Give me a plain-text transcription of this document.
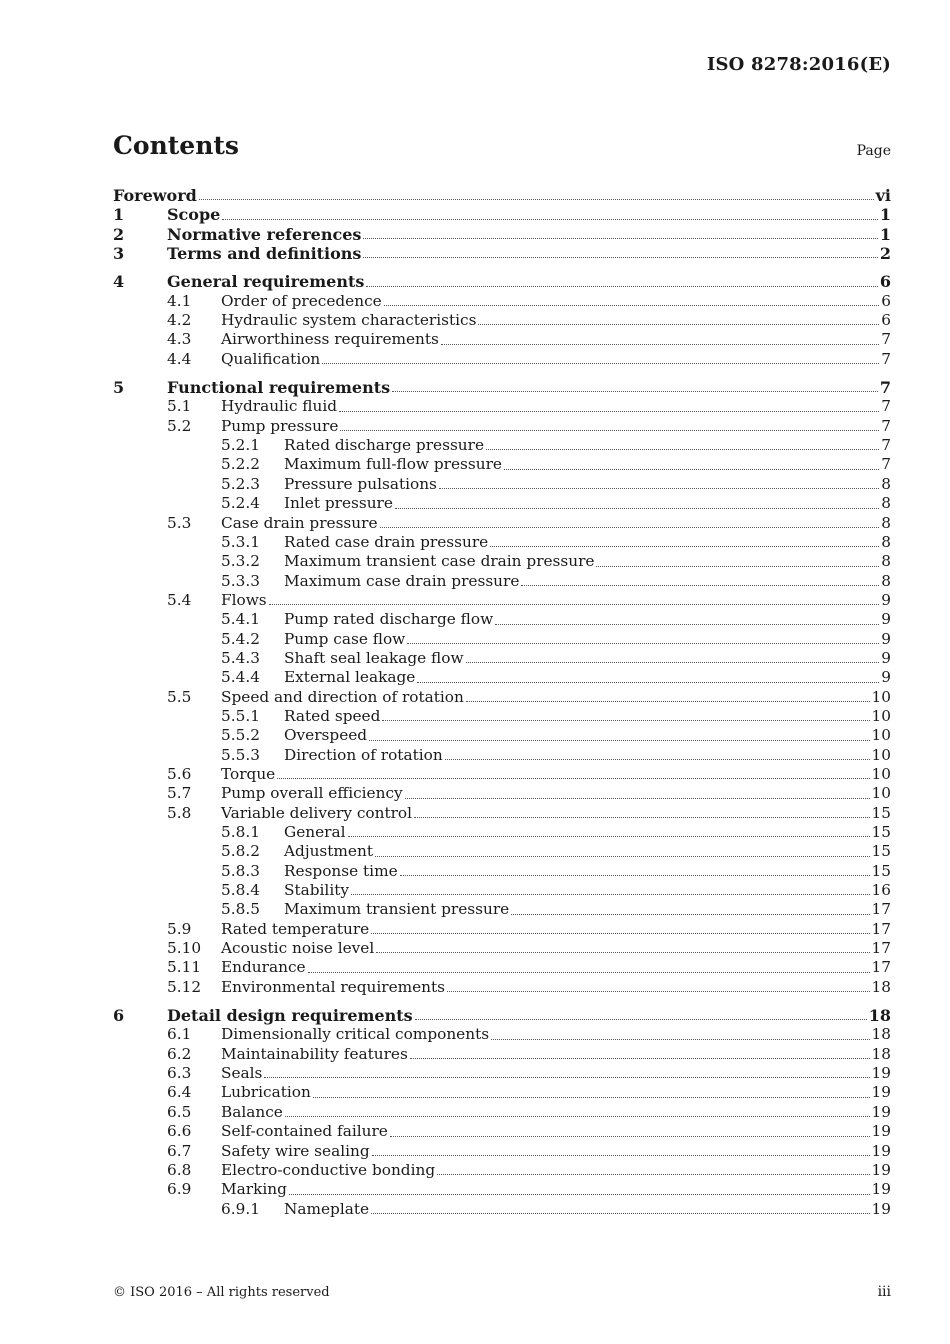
ISO 8278:2016(E)
Contents	Page
Foreword	vi
1	Scope	1
2	Normative references	1
3	Terms and definitions	2
4	General requirements	6
4.1	Order of precedence	6
4.2	Hydraulic system characteristics	6
4.3	Airworthiness requirements	7
4.4	Qualification	7
5	Functional requirements	7
5.1	Hydraulic fluid	7
5.2	Pump pressure	7
5.2.1	Rated discharge pressure	7
5.2.2	Maximum full-flow pressure	7
5.2.3	Pressure pulsations	8
5.2.4	Inlet pressure	8
5.3	Case drain pressure	8
5.3.1	Rated case drain pressure	8
5.3.2	Maximum transient case drain pressure	8
5.3.3	Maximum case drain pressure	8
5.4	Flows	9
5.4.1	Pump rated discharge flow	9
5.4.2	Pump case flow	9
5.4.3	Shaft seal leakage flow	9
5.4.4	External leakage	9
5.5	Speed and direction of rotation	10
5.5.1	Rated speed	10
5.5.2	Overspeed	10
5.5.3	Direction of rotation	10
5.6	Torque	10
5.7	Pump overall efficiency	10
5.8	Variable delivery control	15
5.8.1	General	15
5.8.2	Adjustment	15
5.8.3	Response time	15
5.8.4	Stability	16
5.8.5	Maximum transient pressure	17
5.9	Rated temperature	17
5.10	Acoustic noise level	17
5.11	Endurance	17
5.12	Environmental requirements	18
6	Detail design requirements	18
6.1	Dimensionally critical components	18
6.2	Maintainability features	18
6.3	Seals	19
6.4	Lubrication	19
6.5	Balance	19
6.6	Self-contained failure	19
6.7	Safety wire sealing	19
6.8	Electro-conductive bonding	19
6.9	Marking	19
6.9.1	Nameplate	19
© ISO 2016 – All rights reserved	iii
